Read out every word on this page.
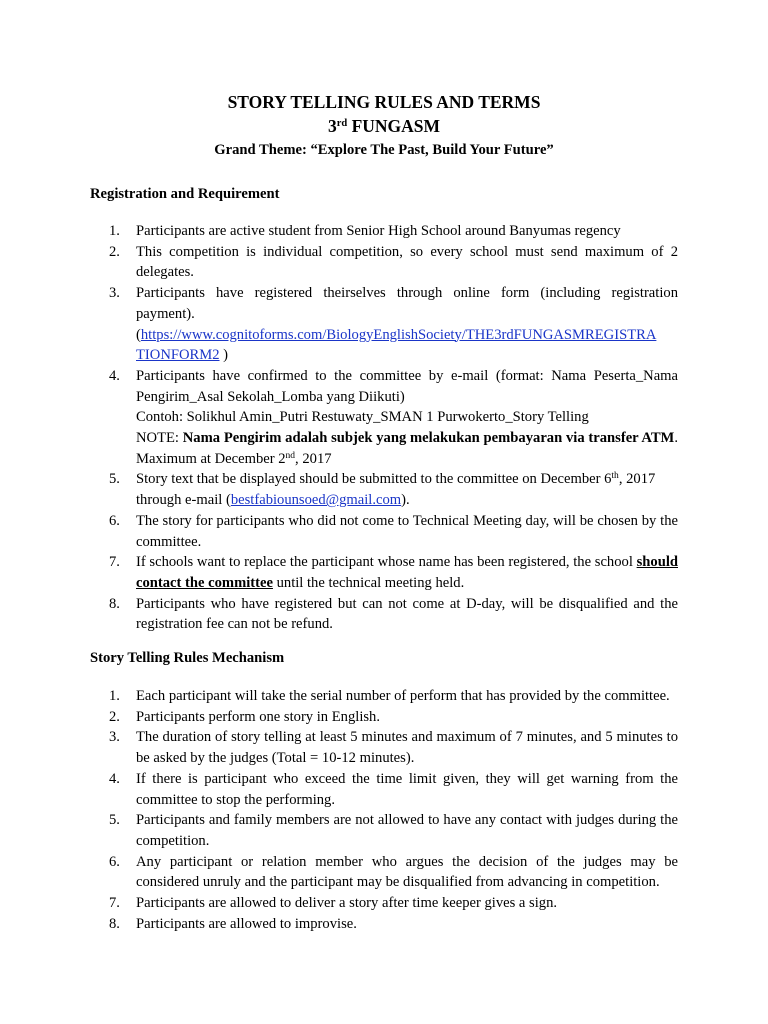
STORY TELLING RULES AND TERMS
3rd FUNGASM
Grand Theme: “Explore The Past, Build Your Future”
Registration and Requirement
1. Participants are active student from Senior High School around Banyumas regency
2. This competition is individual competition, so every school must send maximum of 2 delegates.
3. Participants have registered theirselves through online form (including registration payment).
(https://www.cognitoforms.com/BiologyEnglishSociety/THE3rdFUNGASMREGISTRA
TIONFORM2 )
4. Participants have confirmed to the committee by e-mail (format: Nama Peserta_Nama Pengirim_Asal Sekolah_Lomba yang Diikuti)
Contoh: Solikhul Amin_Putri Restuwaty_SMAN 1 Purwokerto_Story Telling
NOTE: Nama Pengirim adalah subjek yang melakukan pembayaran via transfer ATM. Maximum at December 2nd, 2017
5. Story text that be displayed should be submitted to the committee on December 6th, 2017
through e-mail (bestfabiounsoed@gmail.com).
6. The story for participants who did not come to Technical Meeting day, will be chosen by the committee.
7. If schools want to replace the participant whose name has been registered, the school should contact the committee until the technical meeting held.
8. Participants who have registered but can not come at D-day, will be disqualified and the registration fee can not be refund.
Story Telling Rules Mechanism
1. Each participant will take the serial number of perform that has provided by the committee.
2. Participants perform one story in English.
3. The duration of story telling at least 5 minutes and maximum of 7 minutes, and 5 minutes to be asked by the judges (Total = 10-12 minutes).
4. If there is participant who exceed the time limit given, they will get warning from the committee to stop the performing.
5. Participants and family members are not allowed to have any contact with judges during the competition.
6. Any participant or relation member who argues the decision of the judges may be considered unruly and the participant may be disqualified from advancing in competition.
7. Participants are allowed to deliver a story after time keeper gives a sign.
8. Participants are allowed to improvise.
